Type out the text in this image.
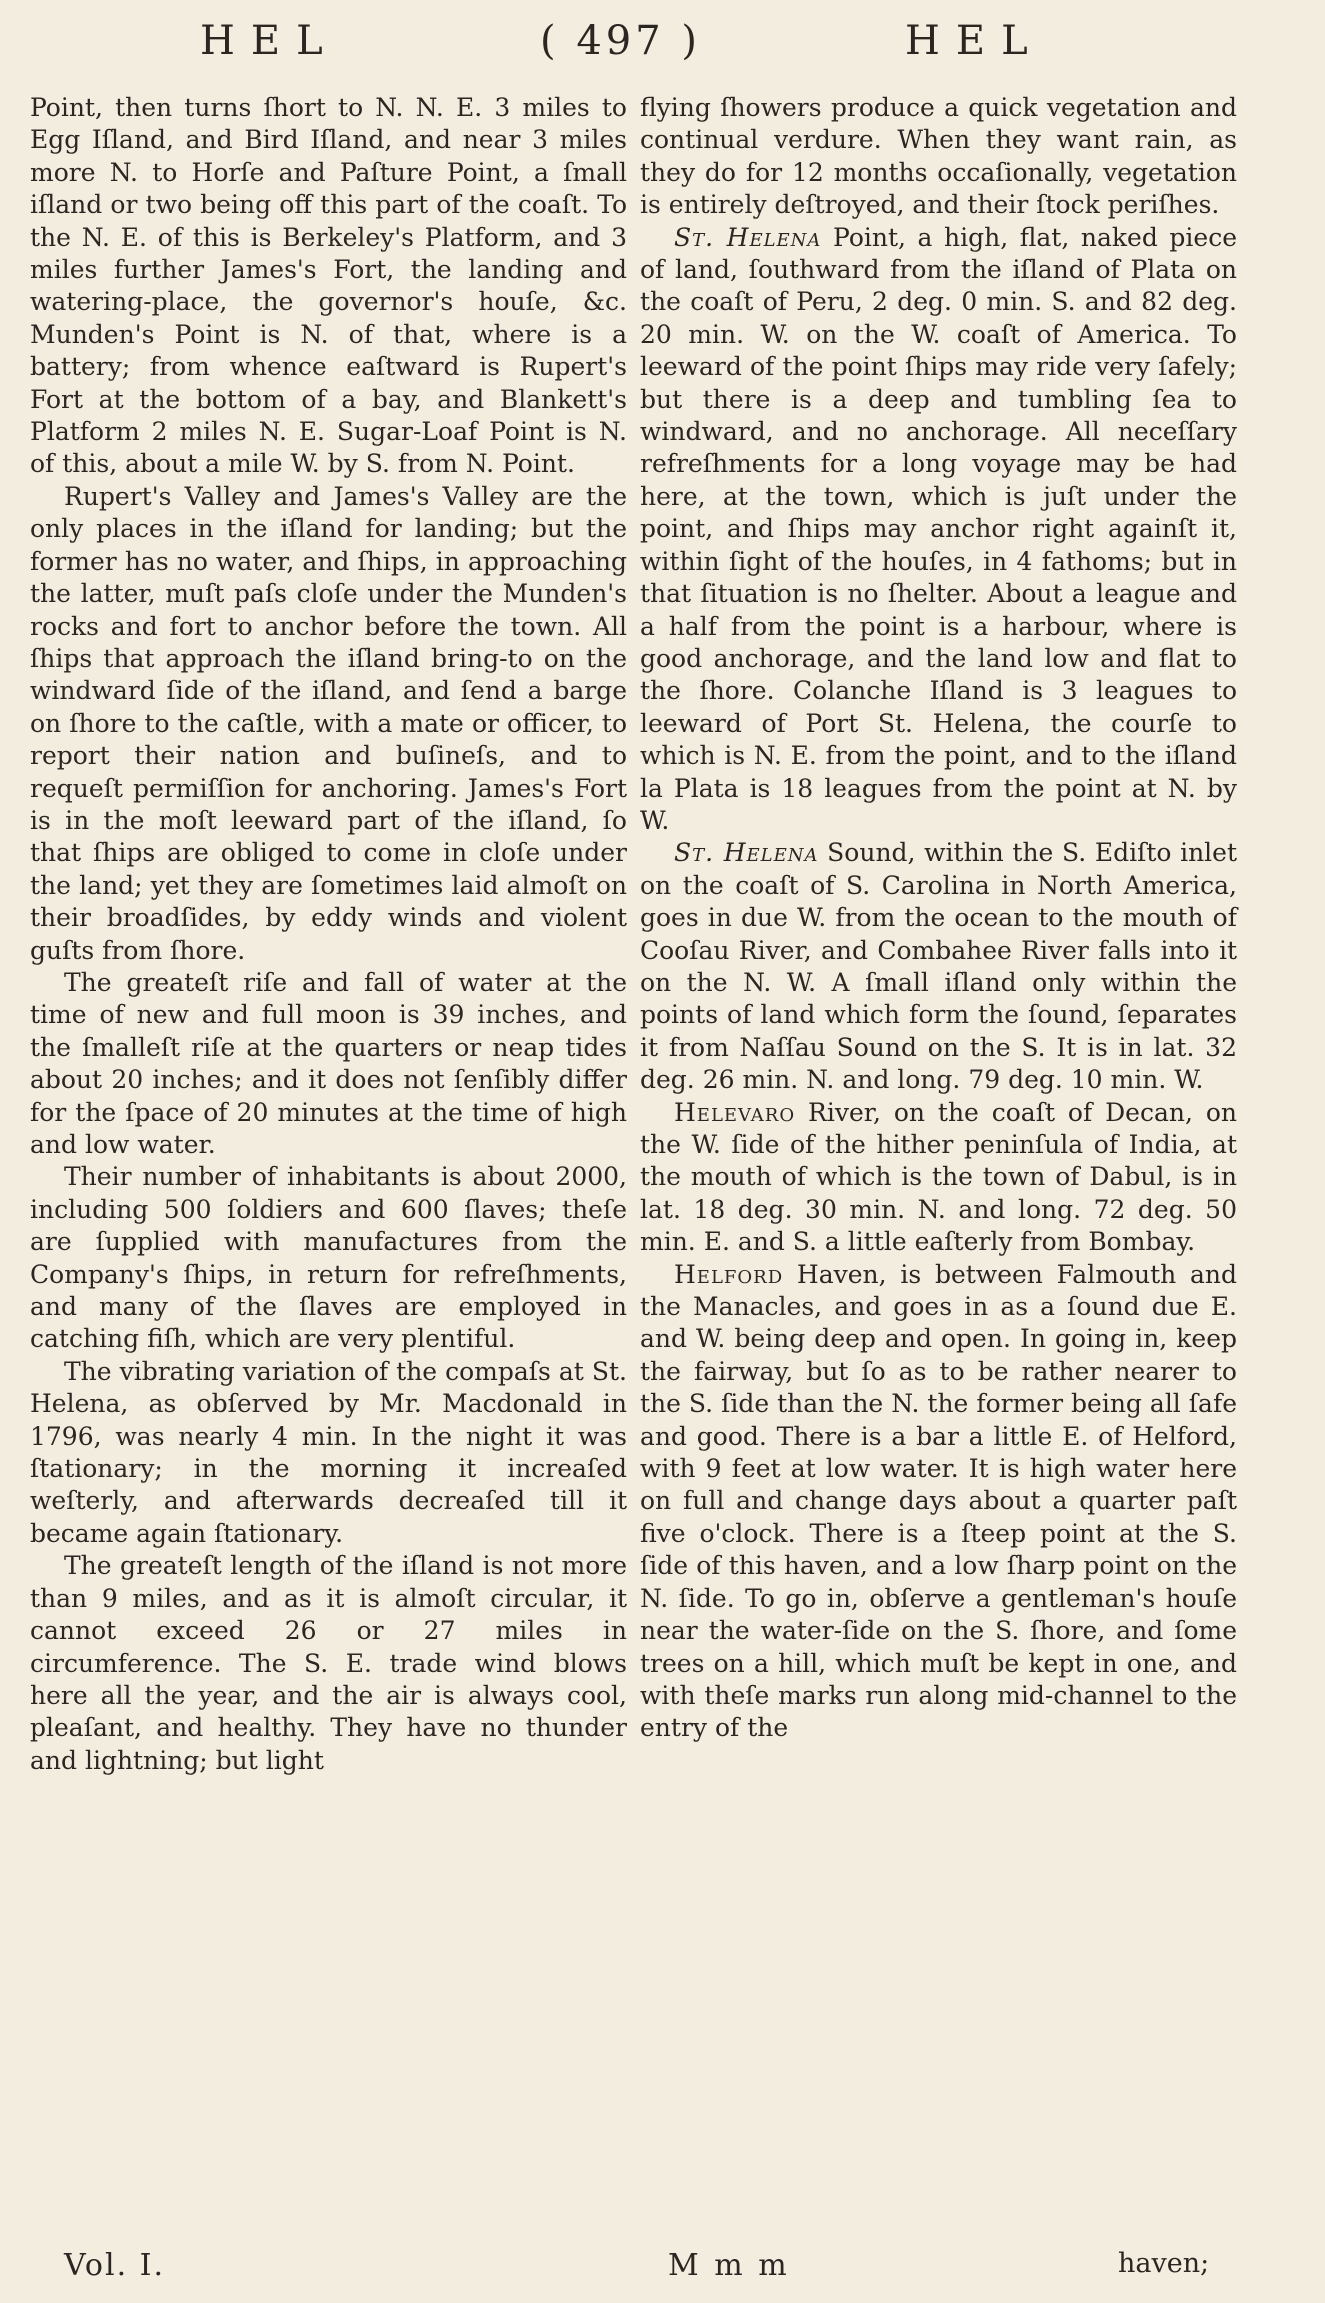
HEL	( 497 )	HEL

Point, then turns ſhort to N. N. E. 3 miles to Egg Iſland, and Bird Iſland, and near 3 miles more N. to Horſe and Paſture Point, a ſmall iſland or two being off this part of the coaſt. To the N. E. of this is Berkeley's Platform, and 3 miles further James's Fort, the landing and watering-place, the governor's houſe, &c. Munden's Point is N. of that, where is a battery; from whence eaſtward is Rupert's Fort at the bottom of a bay, and Blankett's Platform 2 miles N. E. Sugar-Loaf Point is N. of this, about a mile W. by S. from N. Point.

Rupert's Valley and James's Valley are the only places in the iſland for landing; but the former has no water, and ſhips, in approaching the latter, muſt paſs cloſe under the Munden's rocks and fort to anchor before the town. All ſhips that approach the iſland bring-to on the windward ſide of the iſland, and ſend a barge on ſhore to the caſtle, with a mate or officer, to report their nation and buſineſs, and to requeſt permiſſion for anchoring. James's Fort is in the moſt leeward part of the iſland, ſo that ſhips are obliged to come in cloſe under the land; yet they are ſometimes laid almoſt on their broadſides, by eddy winds and violent guſts from ſhore.

The greateſt riſe and fall of water at the time of new and full moon is 39 inches, and the ſmalleſt riſe at the quarters or neap tides about 20 inches; and it does not ſenſibly differ for the ſpace of 20 minutes at the time of high and low water.

Their number of inhabitants is about 2000, including 500 ſoldiers and 600 ſlaves; theſe are ſupplied with manufactures from the Company's ſhips, in return for refreſhments, and many of the ſlaves are employed in catching fiſh, which are very plentiful.

The vibrating variation of the compaſs at St. Helena, as obſerved by Mr. Macdonald in 1796, was nearly 4 min. In the night it was ſtationary; in the morning it increaſed weſterly, and afterwards decreaſed till it became again ſtationary.

The greateſt length of the iſland is not more than 9 miles, and as it is almoſt circular, it cannot exceed 26 or 27 miles in circumference. The S. E. trade wind blows here all the year, and the air is always cool, pleaſant, and healthy. They have no thunder and lightning; but light

flying ſhowers produce a quick vegetation and continual verdure. When they want rain, as they do for 12 months occaſionally, vegetation is entirely deſtroyed, and their ſtock periſhes.

St. Helena Point, a high, flat, naked piece of land, ſouthward from the iſland of Plata on the coaſt of Peru, 2 deg. 0 min. S. and 82 deg. 20 min. W. on the W. coaſt of America. To leeward of the point ſhips may ride very ſafely; but there is a deep and tumbling ſea to windward, and no anchorage. All neceſſary refreſhments for a long voyage may be had here, at the town, which is juſt under the point, and ſhips may anchor right againſt it, within ſight of the houſes, in 4 fathoms; but in that ſituation is no ſhelter. About a league and a half from the point is a harbour, where is good anchorage, and the land low and flat to the ſhore. Colanche Iſland is 3 leagues to leeward of Port St. Helena, the courſe to which is N. E. from the point, and to the iſland la Plata is 18 leagues from the point at N. by W.

St. Helena Sound, within the S. Ediſto inlet on the coaſt of S. Carolina in North America, goes in due W. from the ocean to the mouth of Cooſau River, and Combahee River falls into it on the N. W. A ſmall iſland only within the points of land which form the ſound, ſeparates it from Naſſau Sound on the S. It is in lat. 32 deg. 26 min. N. and long. 79 deg. 10 min. W.

Helevaro River, on the coaſt of Decan, on the W. ſide of the hither peninſula of India, at the mouth of which is the town of Dabul, is in lat. 18 deg. 30 min. N. and long. 72 deg. 50 min. E. and S. a little eaſterly from Bombay.

Helford Haven, is between Falmouth and the Manacles, and goes in as a ſound due E. and W. being deep and open. In going in, keep the fairway, but ſo as to be rather nearer to the S. ſide than the N. the former being all ſafe and good. There is a bar a little E. of Helford, with 9 feet at low water. It is high water here on full and change days about a quarter paſt five o'clock. There is a ſteep point at the S. ſide of this haven, and a low ſharp point on the N. ſide. To go in, obſerve a gentleman's houſe near the water-ſide on the S. ſhore, and ſome trees on a hill, which muſt be kept in one, and with theſe marks run along mid-channel to the entry of the

Vol. I.	M m m	haven;
